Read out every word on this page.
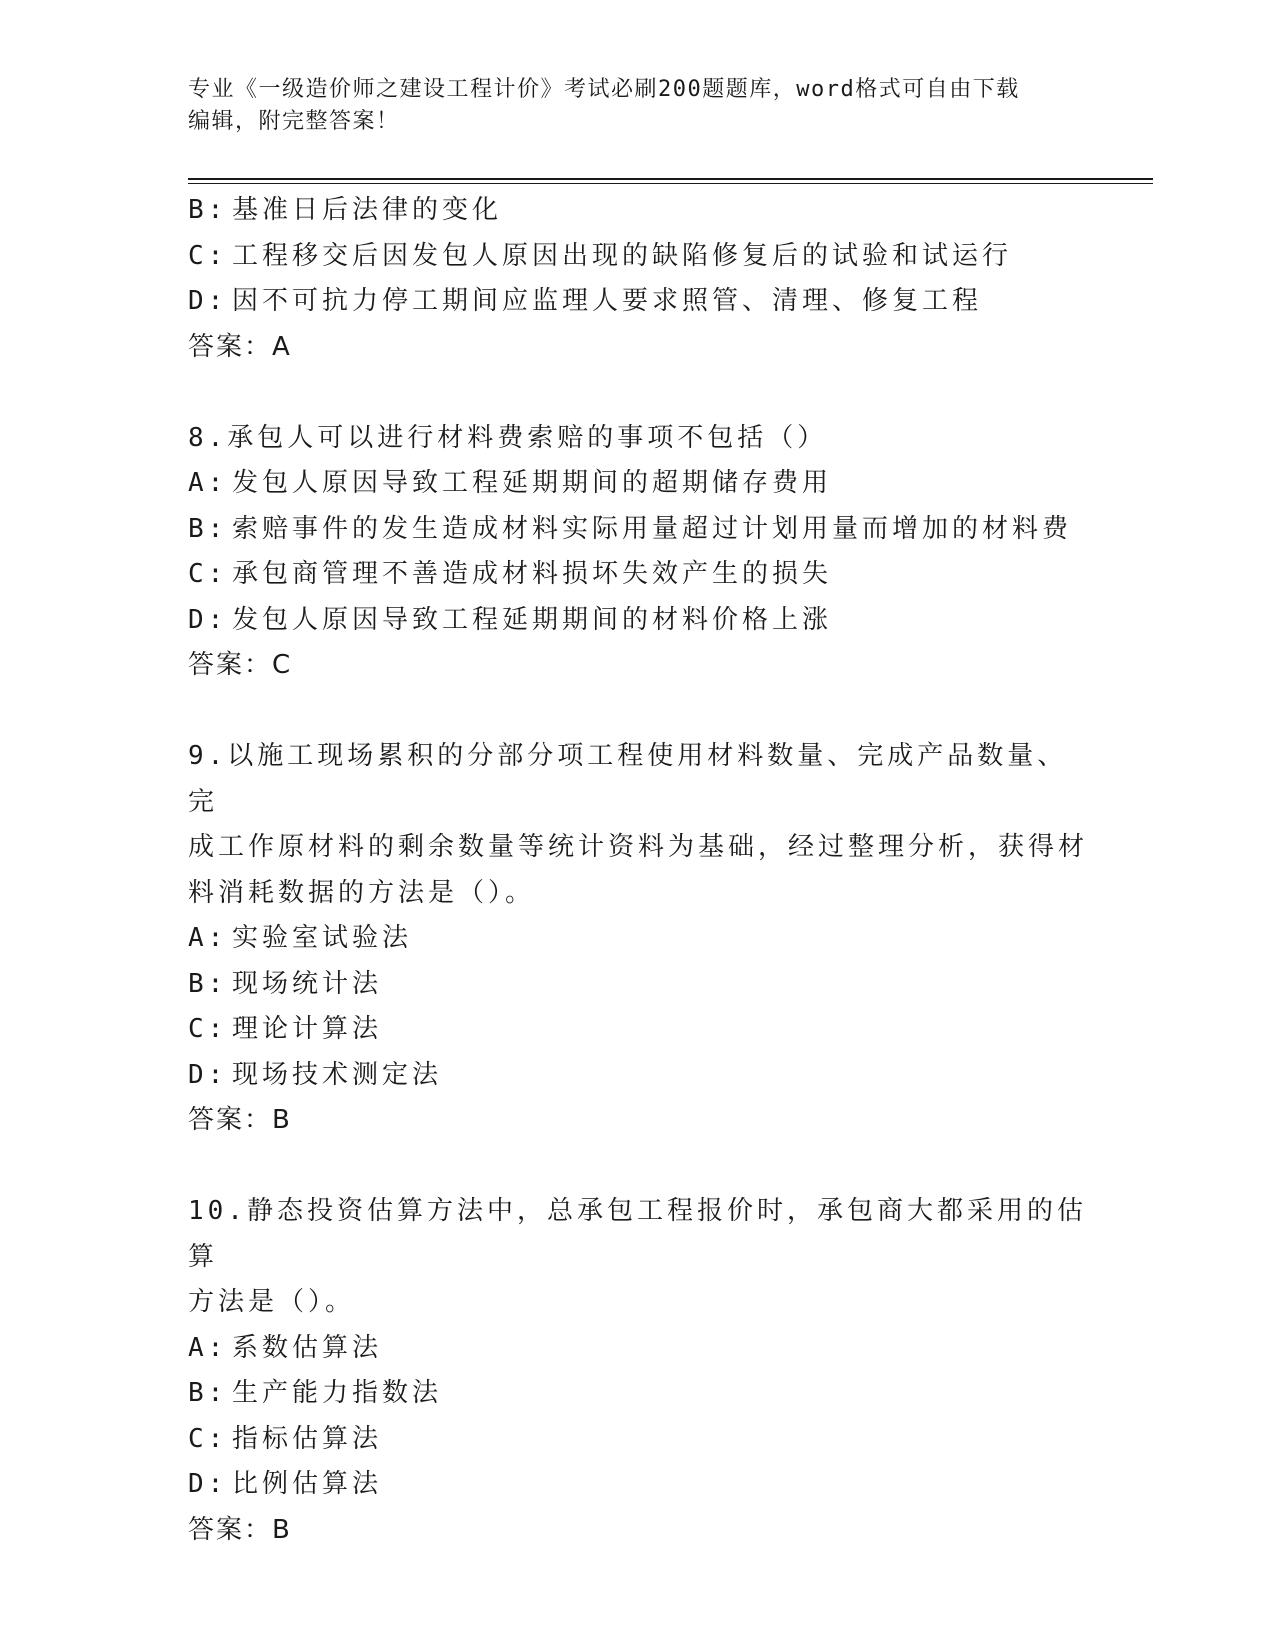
专业《一级造价师之建设工程计价》考试必刷200题题库，word格式可自由下载
编辑，附完整答案！
B: 基准日后法律的变化
C: 工程移交后因发包人原因出现的缺陷修复后的试验和试运行
D: 因不可抗力停工期间应监理人要求照管、清理、修复工程
答案：A
8.承包人可以进行材料费索赔的事项不包括（）
A: 发包人原因导致工程延期期间的超期储存费用
B: 索赔事件的发生造成材料实际用量超过计划用量而增加的材料费
C: 承包商管理不善造成材料损坏失效产生的损失
D: 发包人原因导致工程延期期间的材料价格上涨
答案：C
9.以施工现场累积的分部分项工程使用材料数量、完成产品数量、完
成工作原材料的剩余数量等统计资料为基础，经过整理分析，获得材
料消耗数据的方法是（）。
A: 实验室试验法
B: 现场统计法
C: 理论计算法
D: 现场技术测定法
答案：B
10.静态投资估算方法中，总承包工程报价时，承包商大都采用的估算
方法是（）。
A: 系数估算法
B: 生产能力指数法
C: 指标估算法
D: 比例估算法
答案：B
